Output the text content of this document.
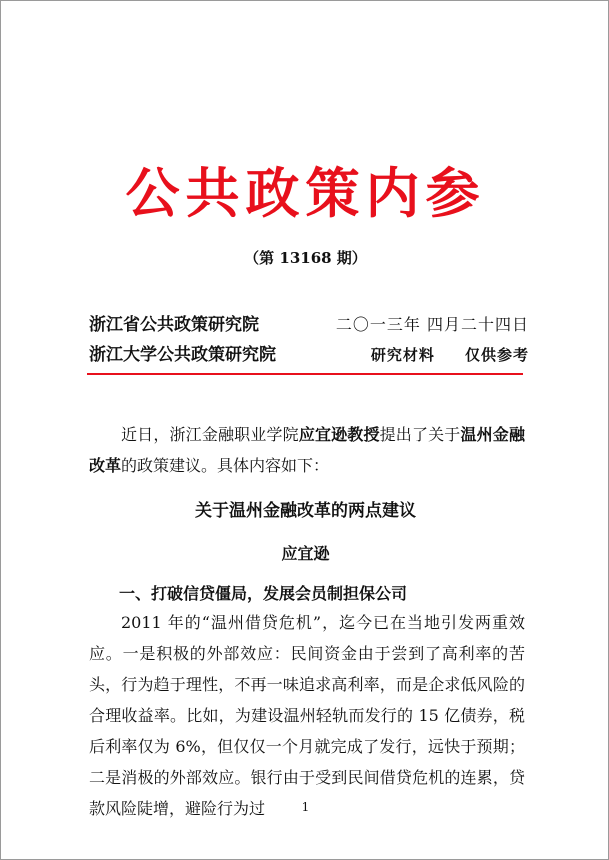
公共政策内参
（第 13168 期）
浙江省公共政策研究院	二〇一三年 四月二十四日
浙江大学公共政策研究院	研究材料 仅供参考

近日，浙江金融职业学院应宜逊教授提出了关于温州金融改革的政策建议。具体内容如下：

关于温州金融改革的两点建议
应宜逊
一、打破信贷僵局，发展会员制担保公司

2011 年的“温州借贷危机”，迄今已在当地引发两重效应。一是积极的外部效应：民间资金由于尝到了高利率的苦头，行为趋于理性，不再一味追求高利率，而是企求低风险的合理收益率。比如，为建设温州轻轨而发行的 15 亿债券，税后利率仅为 6%，但仅仅一个月就完成了发行，远快于预期；二是消极的外部效应。银行由于受到民间借贷危机的连累，贷款风险陡增，避险行为过	1
